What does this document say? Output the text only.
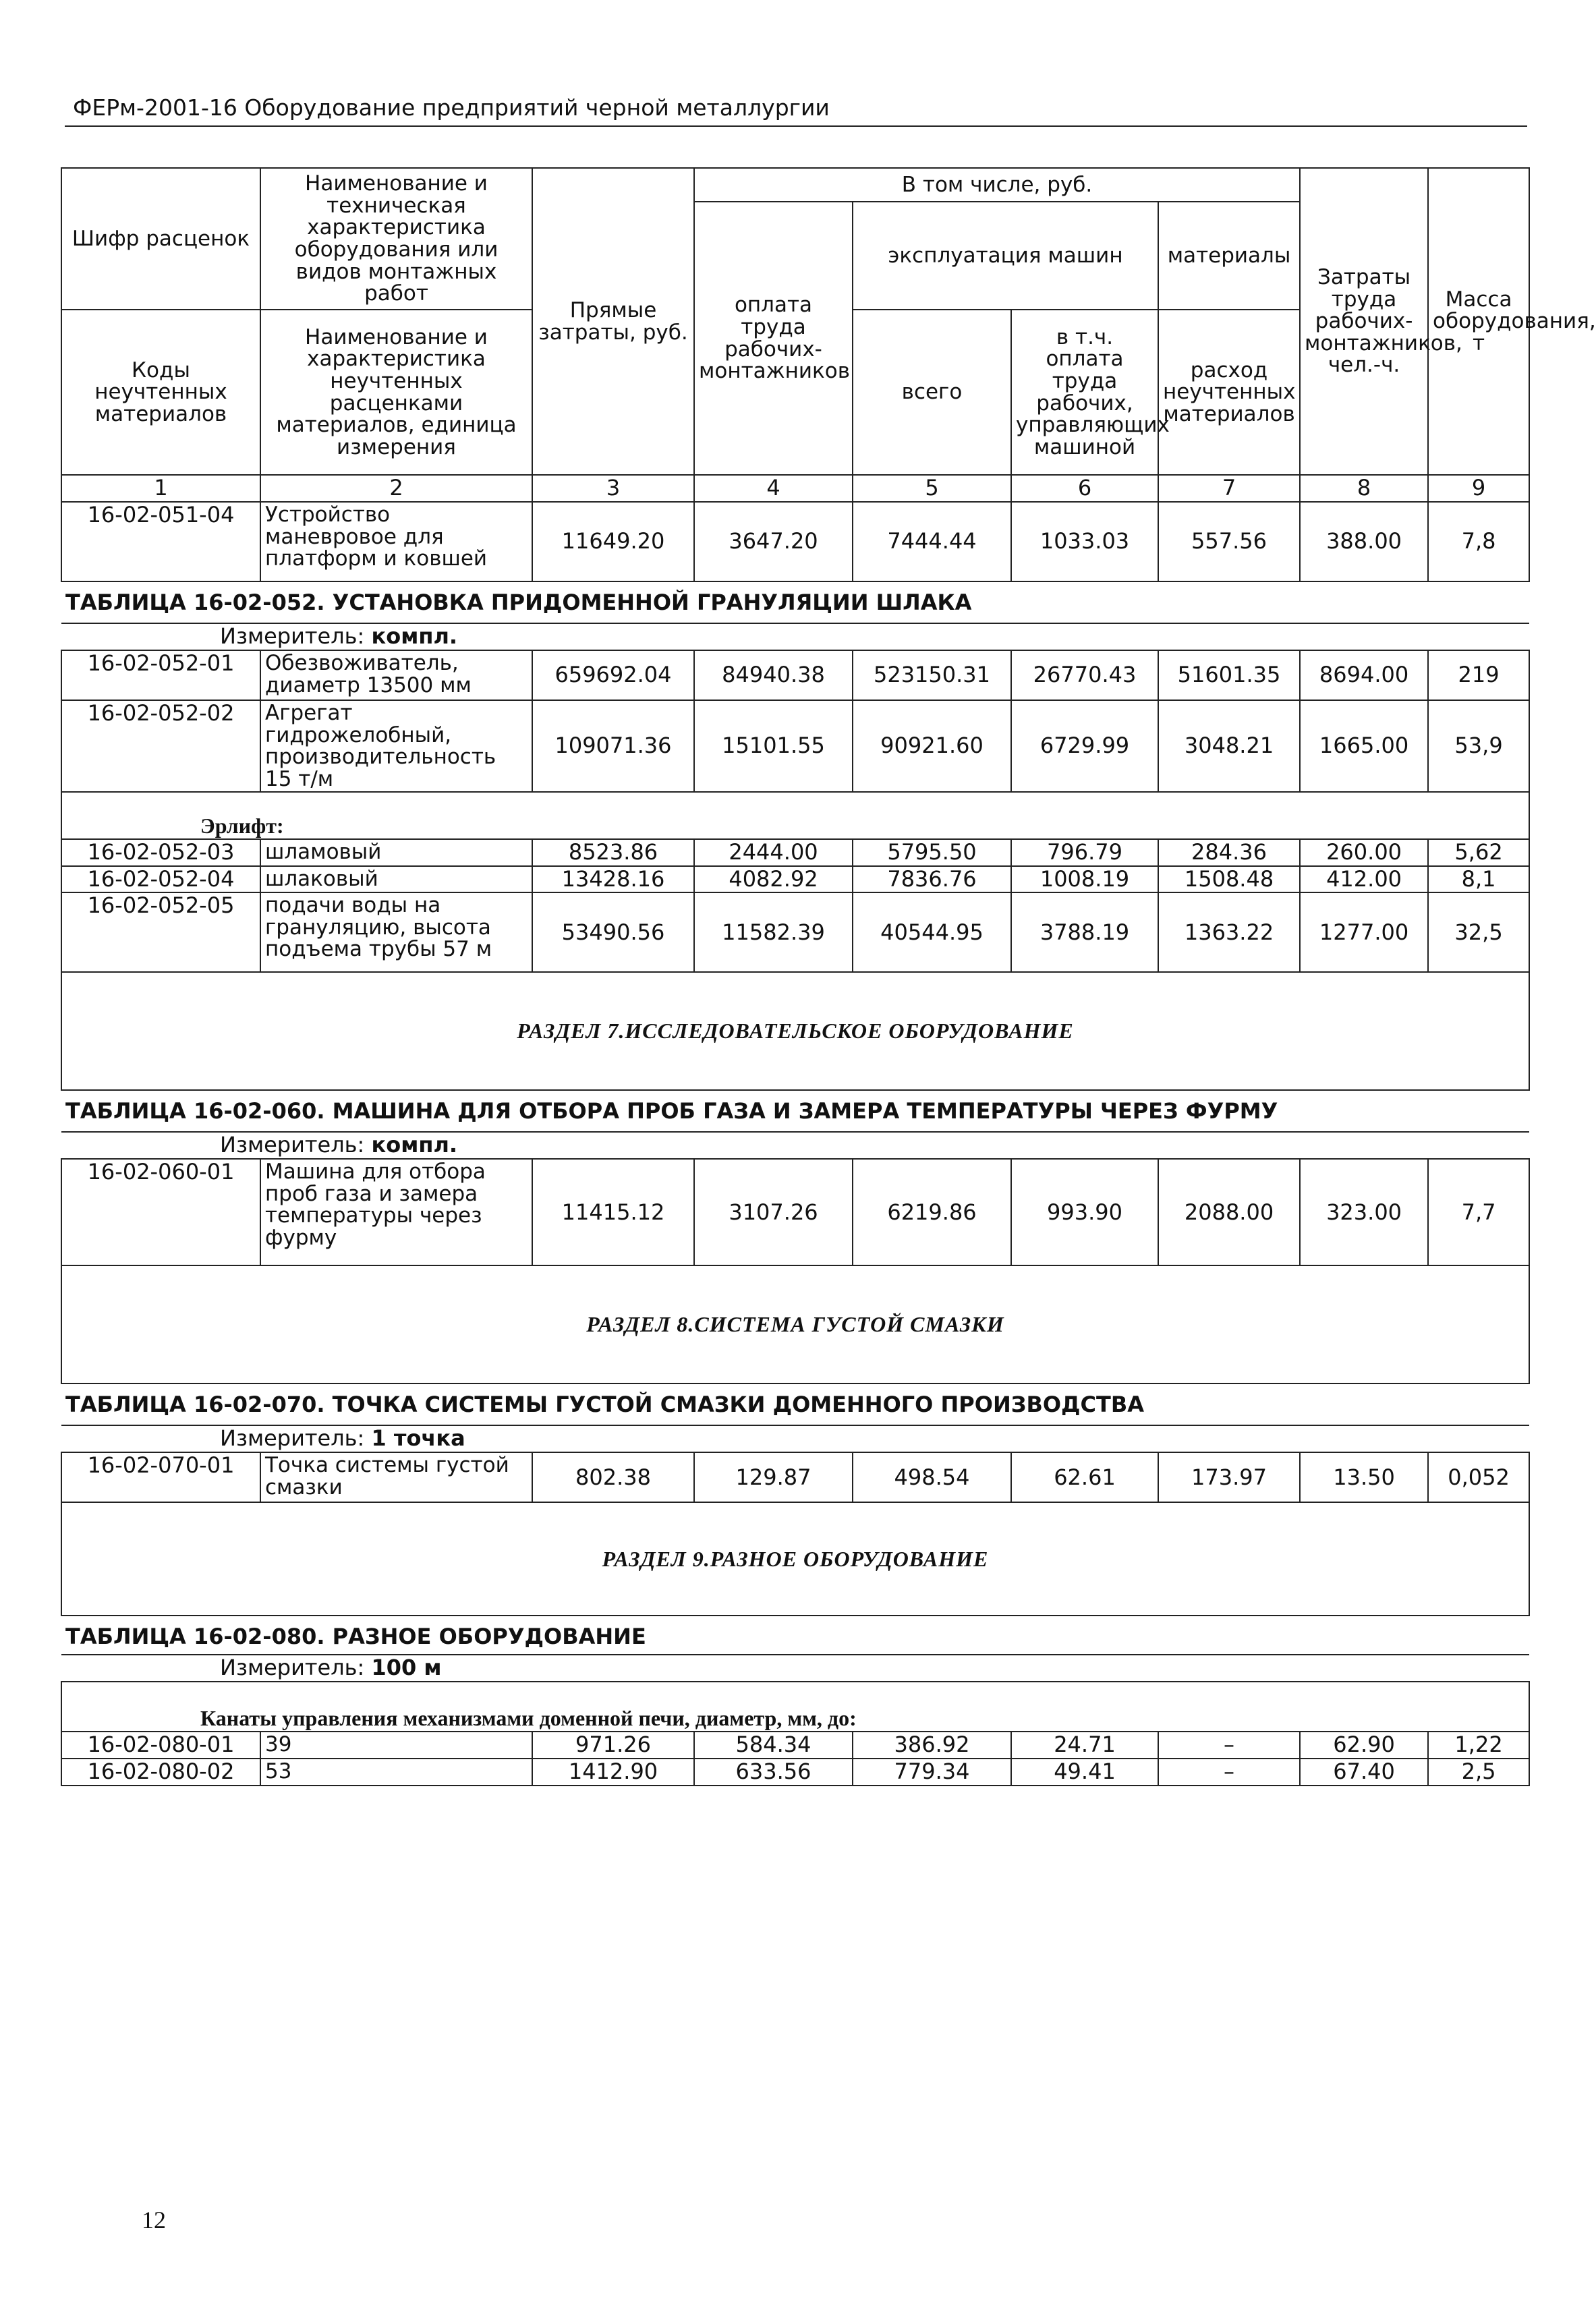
ФЕРм-2001-16 Оборудование предприятий черной металлургии
Шифр расценок	Наименование и техническая характеристика оборудования или видов монтажных работ	Прямые затраты, руб.	В том числе, руб.				Затраты труда рабочих-монтажников, чел.-ч.	Масса оборудования, т
			оплата труда рабочих-монтажников	эксплуатация машин		материалы		
Коды неучтенных материалов	Наименование и характеристика неучтенных расценками материалов, единица измерения			всего	в т.ч. оплата труда рабочих, управляющих машиной	расход неучтенных материалов		

1	2	3	4	5	6	7	8	9
16-02-051-04	Устройство маневровое для платформ и ковшей	11649.20	3647.20	7444.44	1033.03	557.56	388.00	7,8
ТАБЛИЦА 16-02-052. УСТАНОВКА ПРИДОМЕННОЙ ГРАНУЛЯЦИИ ШЛАКА								
Измеритель: компл.								
16-02-052-01	Обезвоживатель, диаметр 13500 мм	659692.04	84940.38	523150.31	26770.43	51601.35	8694.00	219
16-02-052-02	Агрегат гидрожелобный, производительность 15 т/м	109071.36	15101.55	90921.60	6729.99	3048.21	1665.00	53,9
Эрлифт:								
16-02-052-03	шламовый	8523.86	2444.00	5795.50	796.79	284.36	260.00	5,62
16-02-052-04	шлаковый	13428.16	4082.92	7836.76	1008.19	1508.48	412.00	8,1
16-02-052-05	подачи воды на грануляцию, высота подъема трубы 57 м	53490.56	11582.39	40544.95	3788.19	1363.22	1277.00	32,5
РАЗДЕЛ 7.ИССЛЕДОВАТЕЛЬСКОЕ ОБОРУДОВАНИЕ								
ТАБЛИЦА 16-02-060. МАШИНА ДЛЯ ОТБОРА ПРОБ ГАЗА И ЗАМЕРА ТЕМПЕРАТУРЫ ЧЕРЕЗ ФУРМУ								
Измеритель: компл.								
16-02-060-01	Машина для отбора проб газа и замера температуры через фурму	11415.12	3107.26	6219.86	993.90	2088.00	323.00	7,7
РАЗДЕЛ 8.СИСТЕМА ГУСТОЙ СМАЗКИ								
ТАБЛИЦА 16-02-070. ТОЧКА СИСТЕМЫ ГУСТОЙ СМАЗКИ ДОМЕННОГО ПРОИЗВОДСТВА								
Измеритель: 1 точка								
16-02-070-01	Точка системы густой смазки	802.38	129.87	498.54	62.61	173.97	13.50	0,052
РАЗДЕЛ 9.РАЗНОЕ ОБОРУДОВАНИЕ								
ТАБЛИЦА 16-02-080. РАЗНОЕ ОБОРУДОВАНИЕ								
Измеритель: 100 м								
Канаты управления механизмами доменной печи, диаметр, мм, до:								
16-02-080-01	39	971.26	584.34	386.92	24.71	–	62.90	1,22
16-02-080-02	53	1412.90	633.56	779.34	49.41	–	67.40	2,5
12
